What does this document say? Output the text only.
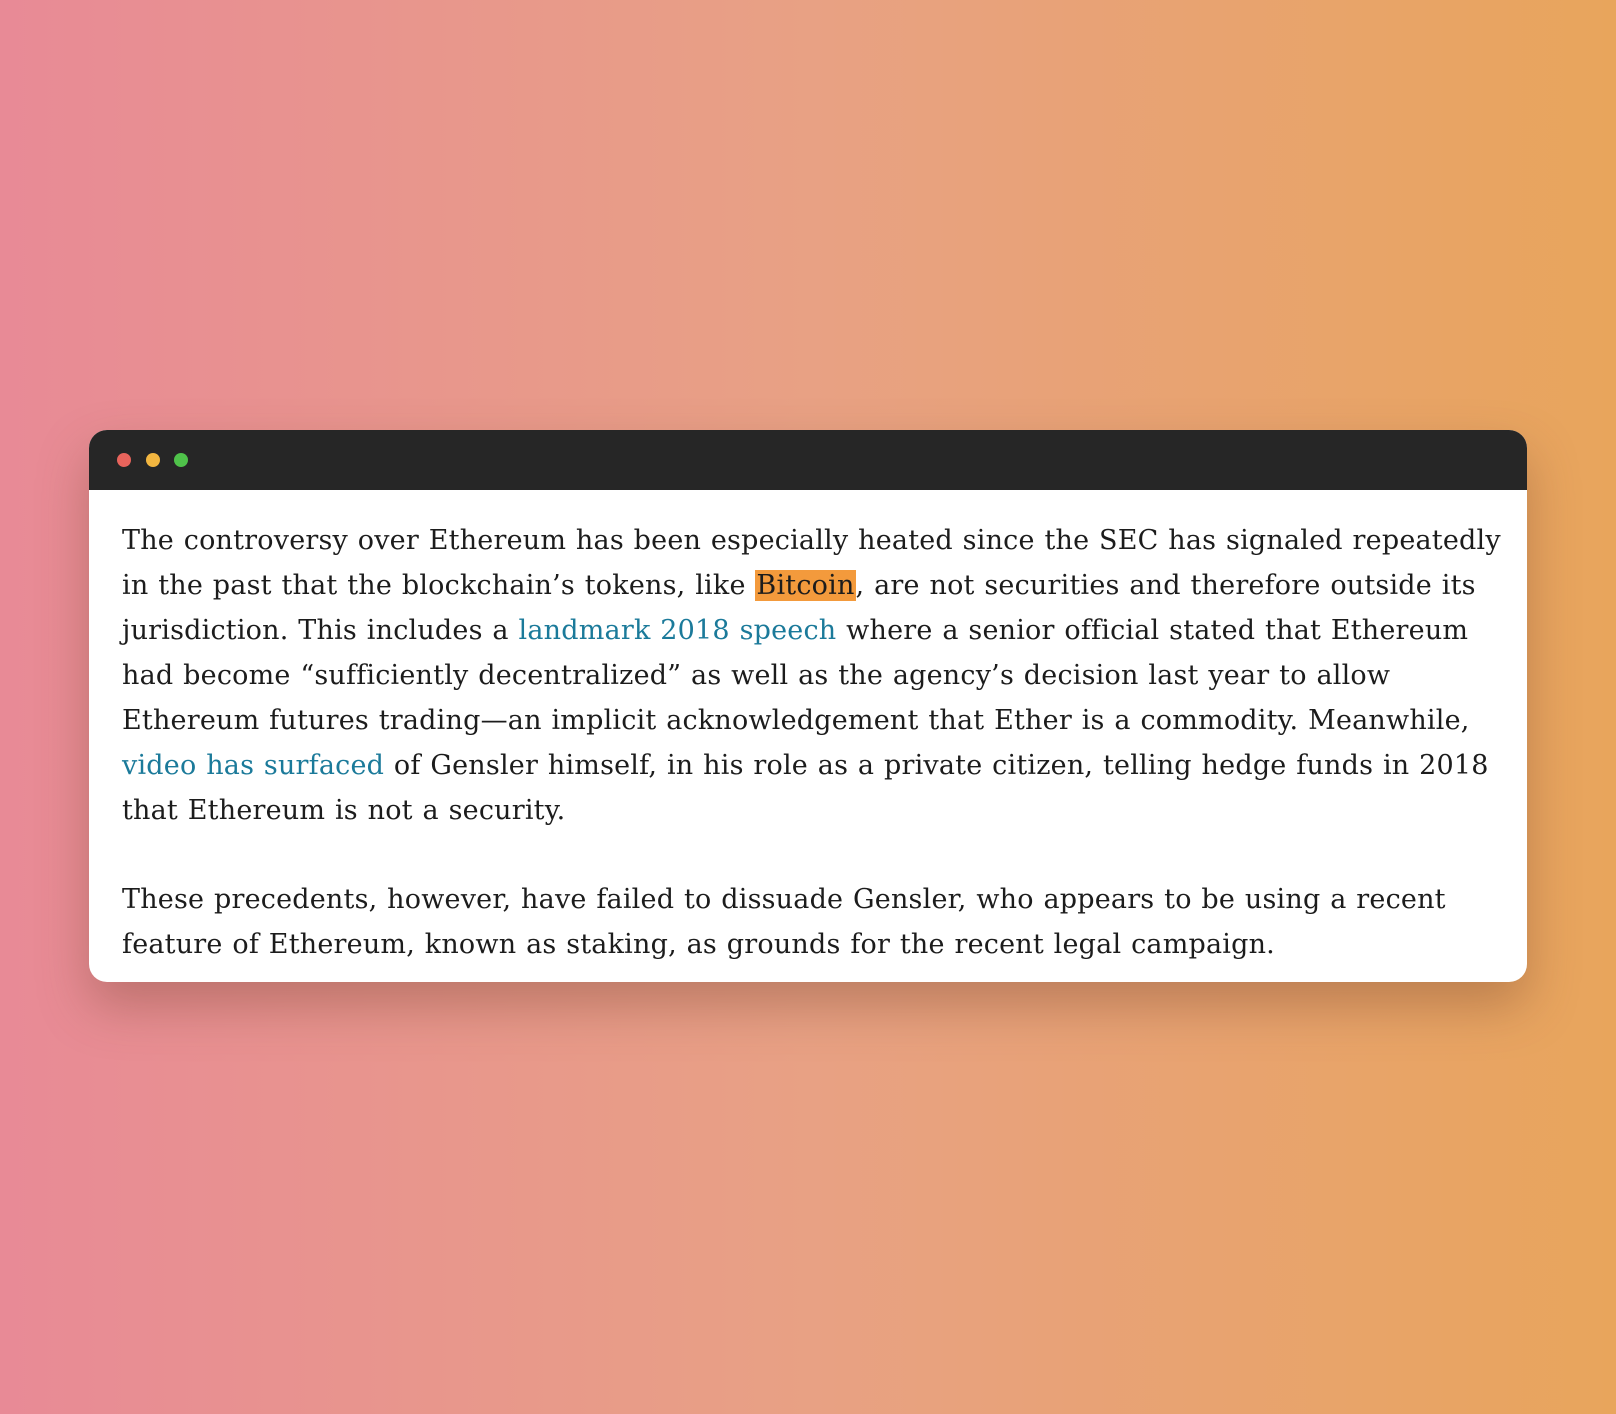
The controversy over Ethereum has been especially heated since the SEC has signaled repeatedly in the past that the blockchain’s tokens, like Bitcoin, are not securities and therefore outside its jurisdiction. This includes a landmark 2018 speech where a senior official stated that Ethereum had become “sufficiently decentralized” as well as the agency’s decision last year to allow Ethereum futures trading—an implicit acknowledgement that Ether is a commodity. Meanwhile, video has surfaced of Gensler himself, in his role as a private citizen, telling hedge funds in 2018 that Ethereum is not a security.

These precedents, however, have failed to dissuade Gensler, who appears to be using a recent feature of Ethereum, known as staking, as grounds for the recent legal campaign.
